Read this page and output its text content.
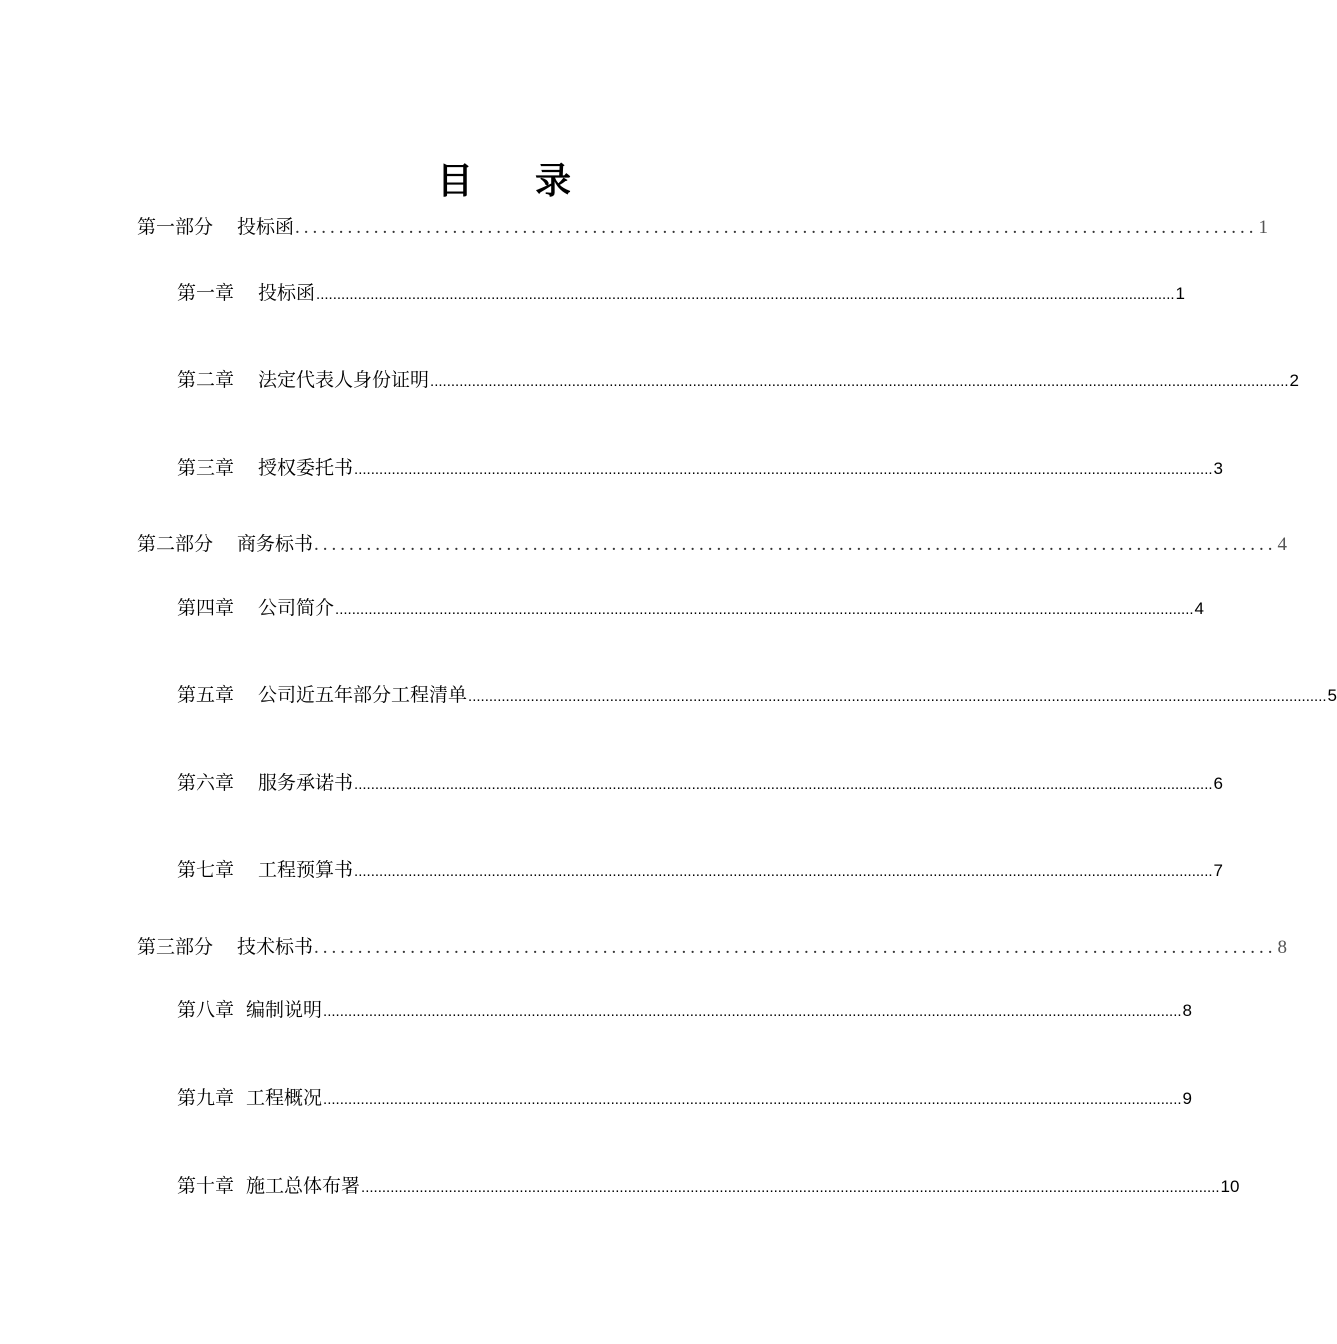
目 录
第一部分 投标函 .............................................................................................................. 1
第一章 投标函 .............................................................................................................................................................................................................. 1
第二章 法定代表人身份证明 .............................................................................................................................................................................................................. 2
第三章 授权委托书 .............................................................................................................................................................................................................. 3
第二部分 商务标书 .............................................................................................................. 4
第四章 公司简介 .............................................................................................................................................................................................................. 4
第五章 公司近五年部分工程清单 .............................................................................................................................................................................................................. 5
第六章 服务承诺书 .............................................................................................................................................................................................................. 6
第七章 工程预算书 .............................................................................................................................................................................................................. 7
第三部分 技术标书 .............................................................................................................. 8
第八章 编制说明 .............................................................................................................................................................................................................. 8
第九章 工程概况 .............................................................................................................................................................................................................. 9
第十章 施工总体布署 .............................................................................................................................................................................................................. 10
